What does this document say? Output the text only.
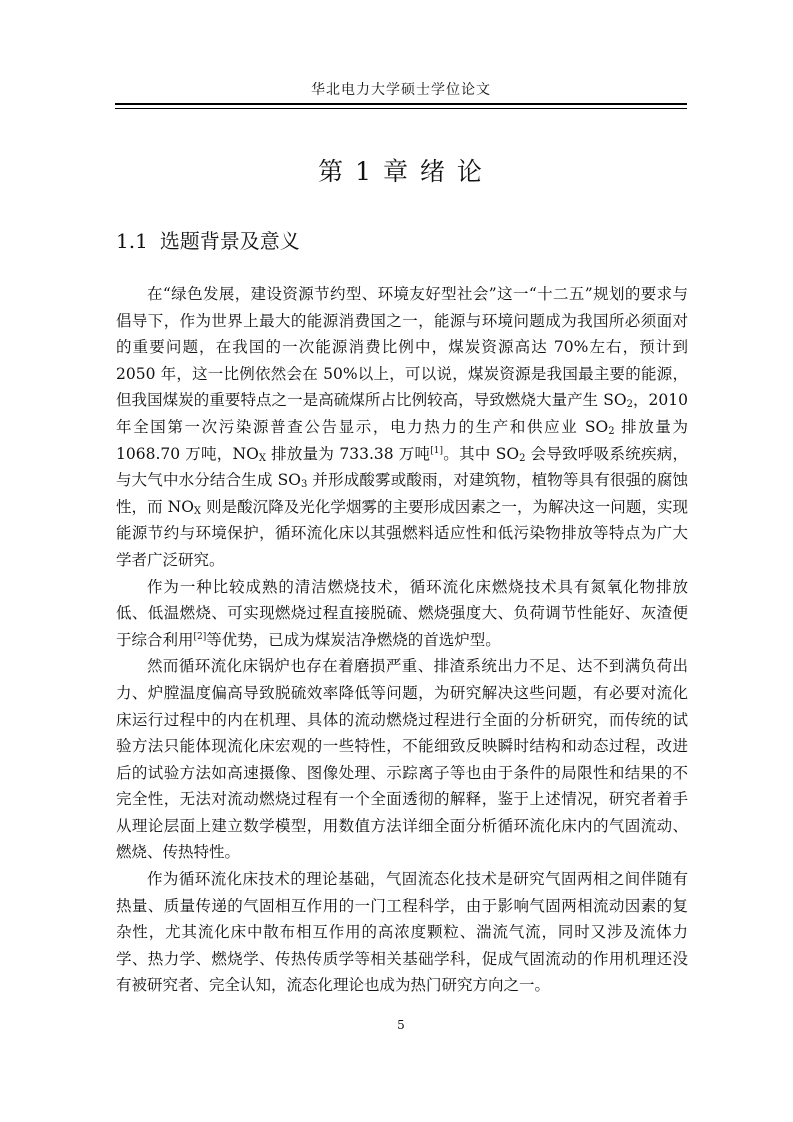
华北电力大学硕士学位论文
第 1 章 绪 论
1.1 选题背景及意义

在“绿色发展，建设资源节约型、环境友好型社会”这一“十二五”规划的要求与倡导下，作为世界上最大的能源消费国之一，能源与环境问题成为我国所必须面对的重要问题，在我国的一次能源消费比例中，煤炭资源高达 70%左右，预计到 2050 年，这一比例依然会在 50%以上，可以说，煤炭资源是我国最主要的能源，但我国煤炭的重要特点之一是高硫煤所占比例较高，导致燃烧大量产生 $SO_2$，2010 年全国第一次污染源普查公告显示，电力热力的生产和供应业 $SO_2$ 排放量为 1068.70 万吨，$NO_X$ 排放量为 733.38 万吨[1]。其中 $SO_2$ 会导致呼吸系统疾病，与大气中水分结合生成 $SO_3$ 并形成酸雾或酸雨，对建筑物，植物等具有很强的腐蚀性，而 $NO_X$ 则是酸沉降及光化学烟雾的主要形成因素之一，为解决这一问题，实现能源节约与环境保护，循环流化床以其强燃料适应性和低污染物排放等特点为广大学者广泛研究。

作为一种比较成熟的清洁燃烧技术，循环流化床燃烧技术具有氮氧化物排放低、低温燃烧、可实现燃烧过程直接脱硫、燃烧强度大、负荷调节性能好、灰渣便于综合利用[2]等优势，已成为煤炭洁净燃烧的首选炉型。

然而循环流化床锅炉也存在着磨损严重、排渣系统出力不足、达不到满负荷出力、炉膛温度偏高导致脱硫效率降低等问题，为研究解决这些问题，有必要对流化床运行过程中的内在机理、具体的流动燃烧过程进行全面的分析研究，而传统的试验方法只能体现流化床宏观的一些特性，不能细致反映瞬时结构和动态过程，改进后的试验方法如高速摄像、图像处理、示踪离子等也由于条件的局限性和结果的不完全性，无法对流动燃烧过程有一个全面透彻的解释，鉴于上述情况，研究者着手从理论层面上建立数学模型，用数值方法详细全面分析循环流化床内的气固流动、燃烧、传热特性。

作为循环流化床技术的理论基础，气固流态化技术是研究气固两相之间伴随有热量、质量传递的气固相互作用的一门工程科学，由于影响气固两相流动因素的复杂性，尤其流化床中散布相互作用的高浓度颗粒、湍流气流，同时又涉及流体力学、热力学、燃烧学、传热传质学等相关基础学科，促成气固流动的作用机理还没有被研究者、完全认知，流态化理论也成为热门研究方向之一。

5
